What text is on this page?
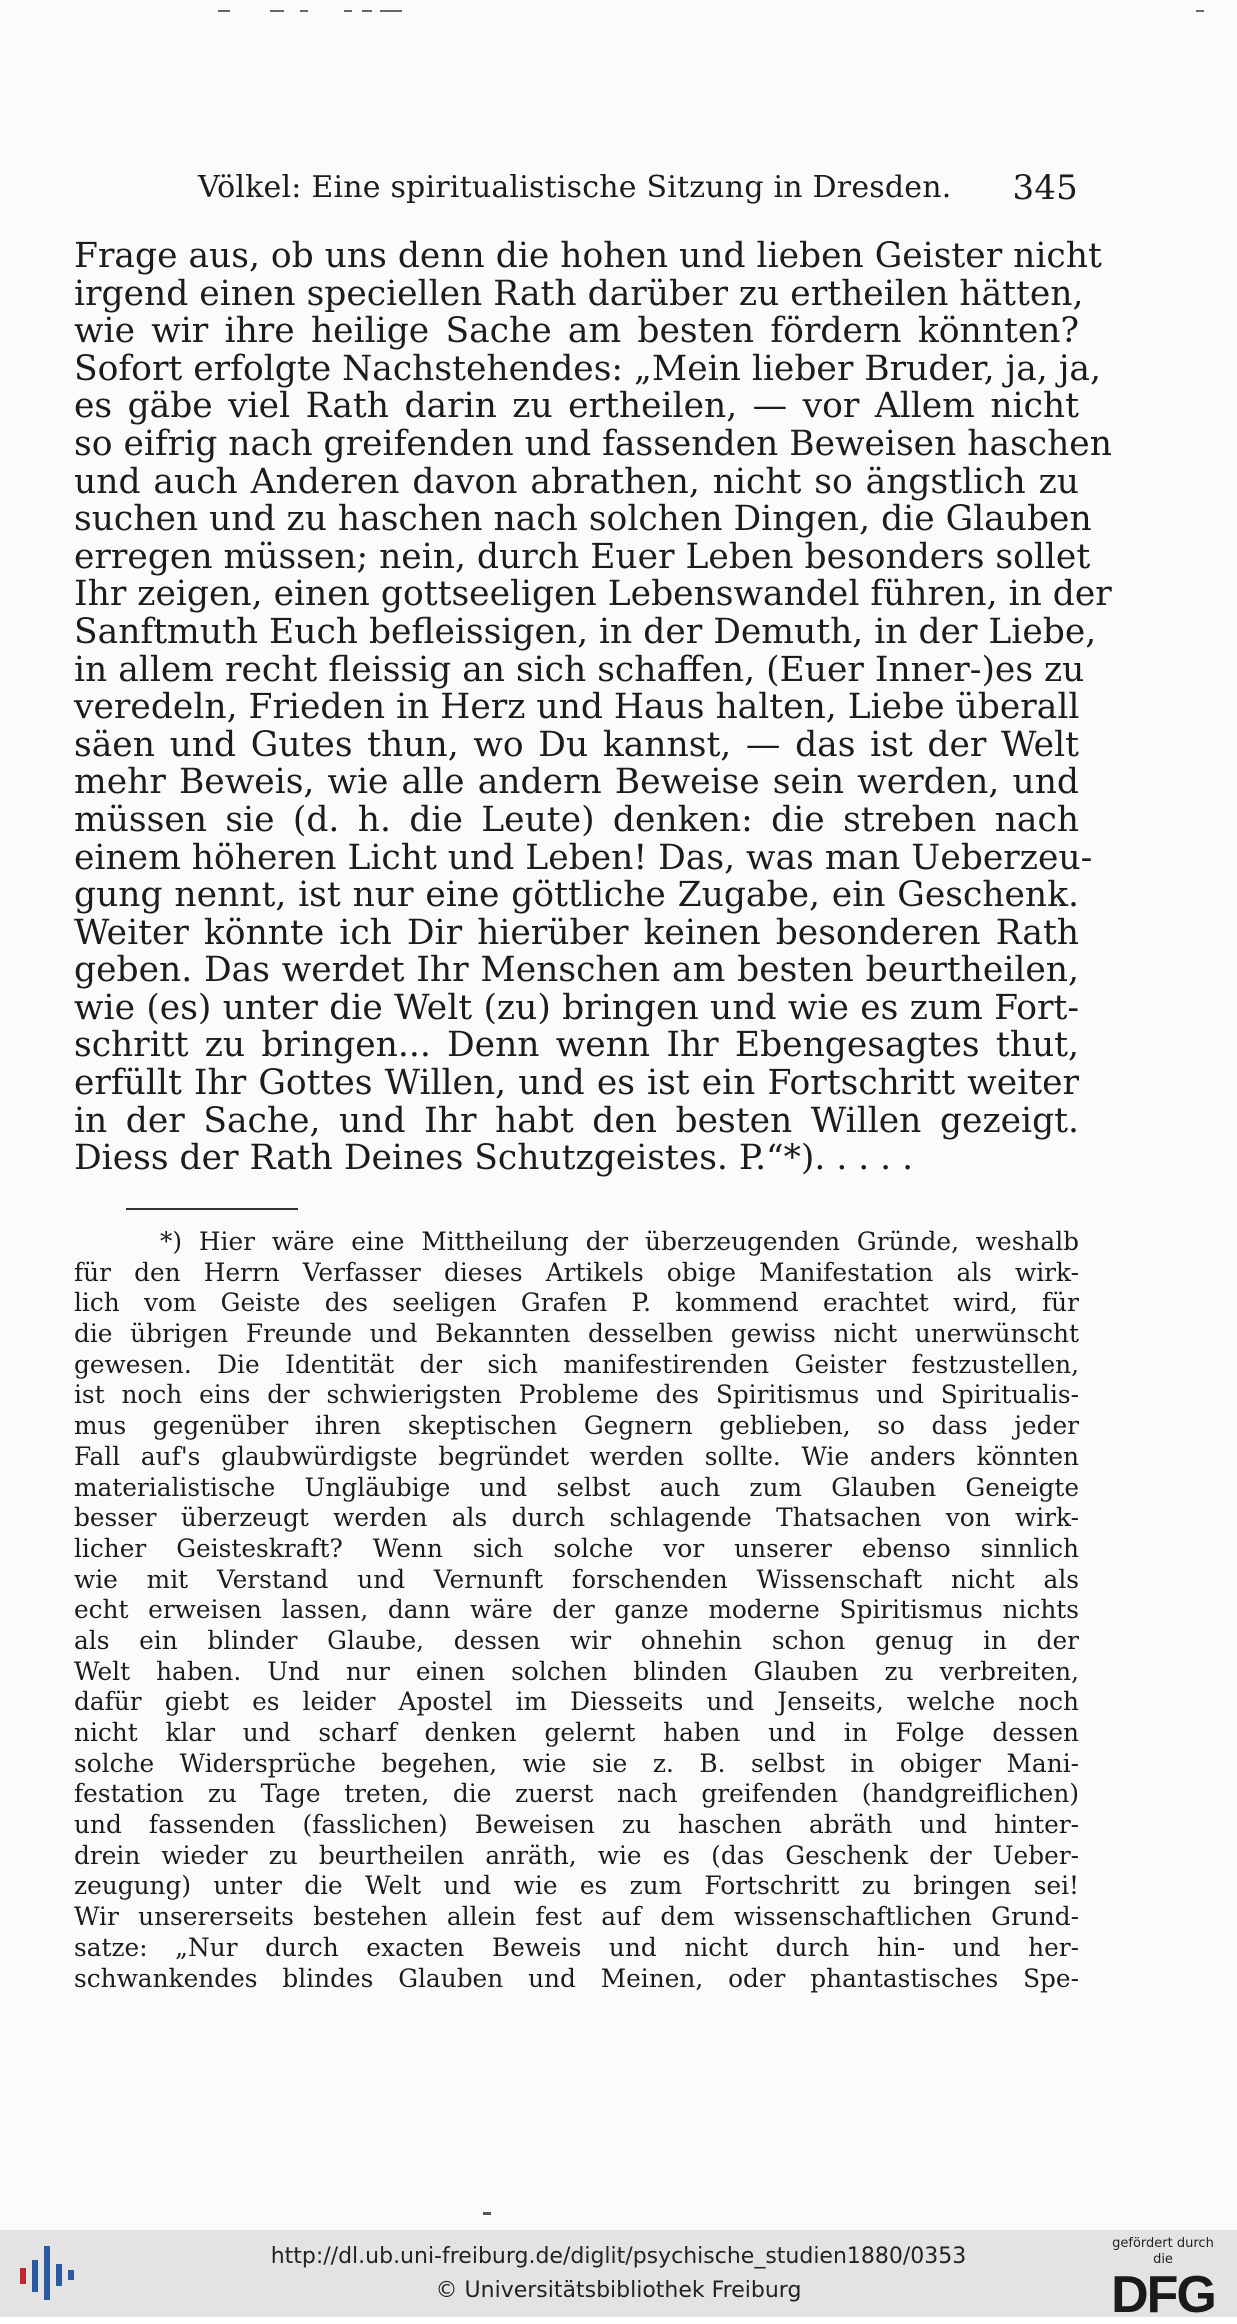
Völkel: Eine spiritualistische Sitzung in Dresden. 345
Frage aus, ob uns denn die hohen und lieben Geister nicht
irgend einen speciellen Rath darüber zu ertheilen hätten,
wie wir ihre heilige Sache am besten fördern könnten?
Sofort erfolgte Nachstehendes: „Mein lieber Bruder, ja, ja,
es gäbe viel Rath darin zu ertheilen, — vor Allem nicht
so eifrig nach greifenden und fassenden Beweisen haschen
und auch Anderen davon abrathen, nicht so ängstlich zu
suchen und zu haschen nach solchen Dingen, die Glauben
erregen müssen; nein, durch Euer Leben besonders sollet
Ihr zeigen, einen gottseeligen Lebenswandel führen, in der
Sanftmuth Euch befleissigen, in der Demuth, in der Liebe,
in allem recht fleissig an sich schaffen, (Euer Inner-)es zu
veredeln, Frieden in Herz und Haus halten, Liebe überall
säen und Gutes thun, wo Du kannst, — das ist der Welt
mehr Beweis, wie alle andern Beweise sein werden, und
müssen sie (d. h. die Leute) denken: die streben nach
einem höheren Licht und Leben! Das, was man Ueberzeu-
gung nennt, ist nur eine göttliche Zugabe, ein Geschenk.
Weiter könnte ich Dir hierüber keinen besonderen Rath
geben. Das werdet Ihr Menschen am besten beurtheilen,
wie (es) unter die Welt (zu) bringen und wie es zum Fort-
schritt zu bringen... Denn wenn Ihr Ebengesagtes thut,
erfüllt Ihr Gottes Willen, und es ist ein Fortschritt weiter
in der Sache, und Ihr habt den besten Willen gezeigt.
Diess der Rath Deines Schutzgeistes. P.“*). . . . .
*) Hier wäre eine Mittheilung der überzeugenden Gründe, weshalb
für den Herrn Verfasser dieses Artikels obige Manifestation als wirk-
lich vom Geiste des seeligen Grafen P. kommend erachtet wird, für
die übrigen Freunde und Bekannten desselben gewiss nicht unerwünscht
gewesen. Die Identität der sich manifestirenden Geister festzustellen,
ist noch eins der schwierigsten Probleme des Spiritismus und Spiritualis-
mus gegenüber ihren skeptischen Gegnern geblieben, so dass jeder
Fall auf's glaubwürdigste begründet werden sollte. Wie anders könnten
materialistische Ungläubige und selbst auch zum Glauben Geneigte
besser überzeugt werden als durch schlagende Thatsachen von wirk-
licher Geisteskraft? Wenn sich solche vor unserer ebenso sinnlich
wie mit Verstand und Vernunft forschenden Wissenschaft nicht als
echt erweisen lassen, dann wäre der ganze moderne Spiritismus nichts
als ein blinder Glaube, dessen wir ohnehin schon genug in der
Welt haben. Und nur einen solchen blinden Glauben zu verbreiten,
dafür giebt es leider Apostel im Diesseits und Jenseits, welche noch
nicht klar und scharf denken gelernt haben und in Folge dessen
solche Widersprüche begehen, wie sie z. B. selbst in obiger Mani-
festation zu Tage treten, die zuerst nach greifenden (handgreiflichen)
und fassenden (fasslichen) Beweisen zu haschen abräth und hinter-
drein wieder zu beurtheilen anräth, wie es (das Geschenk der Ueber-
zeugung) unter die Welt und wie es zum Fortschritt zu bringen sei!
Wir unsererseits bestehen allein fest auf dem wissenschaftlichen Grund-
satze: „Nur durch exacten Beweis und nicht durch hin- und her-
schwankendes blindes Glauben und Meinen, oder phantastisches Spe-
http://dl.ub.uni-freiburg.de/diglit/psychische_studien1880/0353
© Universitätsbibliothek Freiburg
gefördert durch die
DFG
